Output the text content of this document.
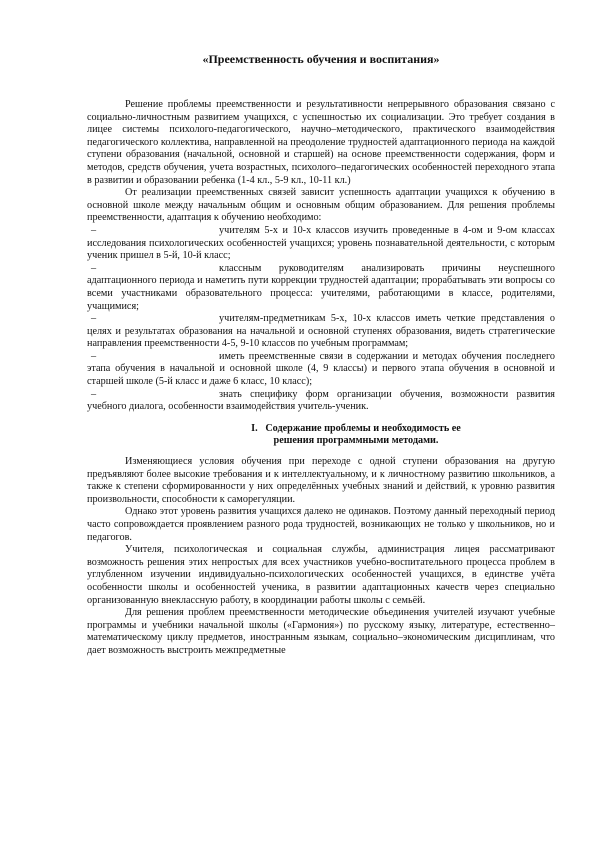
«Преемственность обучения и воспитания»

Решение проблемы преемственности и результативности непрерывного образования связано с социально-личностным развитием учащихся, с успешностью их социализации. Это требует создания в лицее системы психолого-педагогического, научно–методического, практического взаимодействия педагогического коллектива, направленной на преодоление трудностей адаптационного периода на каждой ступени образования (начальной, основной и старшей) на основе преемственности содержания, форм и методов, средств обучения, учета возрастных, психолого–педагогических особенностей переходного этапа в развитии и образовании ребенка (1-4 кл., 5-9 кл., 10-11 кл.)

От реализации преемственных связей зависит успешность адаптации учащихся к обучению в основной школе между начальным общим и основным общим образованием. Для решения проблемы преемственности, адаптация к обучению необходимо:

–	учителям 5-х и 10-х классов изучить проведенные в 4-ом и 9-ом классах исследования психологических особенностей учащихся; уровень познавательной деятельности, с которым ученик пришел в 5-й, 10-й класс;
–	классным руководителям анализировать причины неуспешного адаптационного периода и наметить пути коррекции трудностей адаптации; прорабатывать эти вопросы со всеми участниками образовательного процесса: учителями, работающими в классе, родителями, учащимися;
–	учителям-предметникам 5-х, 10-х классов иметь четкие представления о целях и результатах образования на начальной и основной ступенях образования, видеть стратегические направления преемственности 4-5, 9-10 классов по учебным программам;
–	иметь преемственные связи в содержании и методах обучения последнего этапа обучения в начальной и основной школе (4, 9 классы) и первого этапа обучения в основной и старшей школе (5-й класс и даже 6 класс, 10 класс);
–	знать специфику форм организации обучения, возможности развития учебного диалога, особенности взаимодействия учитель-ученик.
I. Содержание проблемы и необходимость ее
решения программными методами.

Изменяющиеся условия обучения при переходе с одной ступени образования на другую предъявляют более высокие требования и к интеллектуальному, и к личностному развитию школьников, а также к степени сформированности у них определённых учебных знаний и действий, к уровню развития произвольности, способности к саморегуляции.

Однако этот уровень развития учащихся далеко не одинаков. Поэтому данный переходный период часто сопровождается проявлением разного рода трудностей, возникающих не только у школьников, но и педагогов.

Учителя, психологическая и социальная службы, администрация лицея рассматривают возможность решения этих непростых для всех участников учебно-воспитательного процесса проблем в углубленном изучении индивидуально-психологических особенностей учащихся, в единстве учёта особенности школы и особенностей ученика, в развитии адаптационных качеств через специально организованную внеклассную работу, в координации работы школы с семьёй.

Для решения проблем преемственности методические объединения учителей изучают учебные программы и учебники начальной школы («Гармония») по русскому языку, литературе, естественно–математическому циклу предметов, иностранным языкам, социально–экономическим дисциплинам, что дает возможность выстроить межпредметные
